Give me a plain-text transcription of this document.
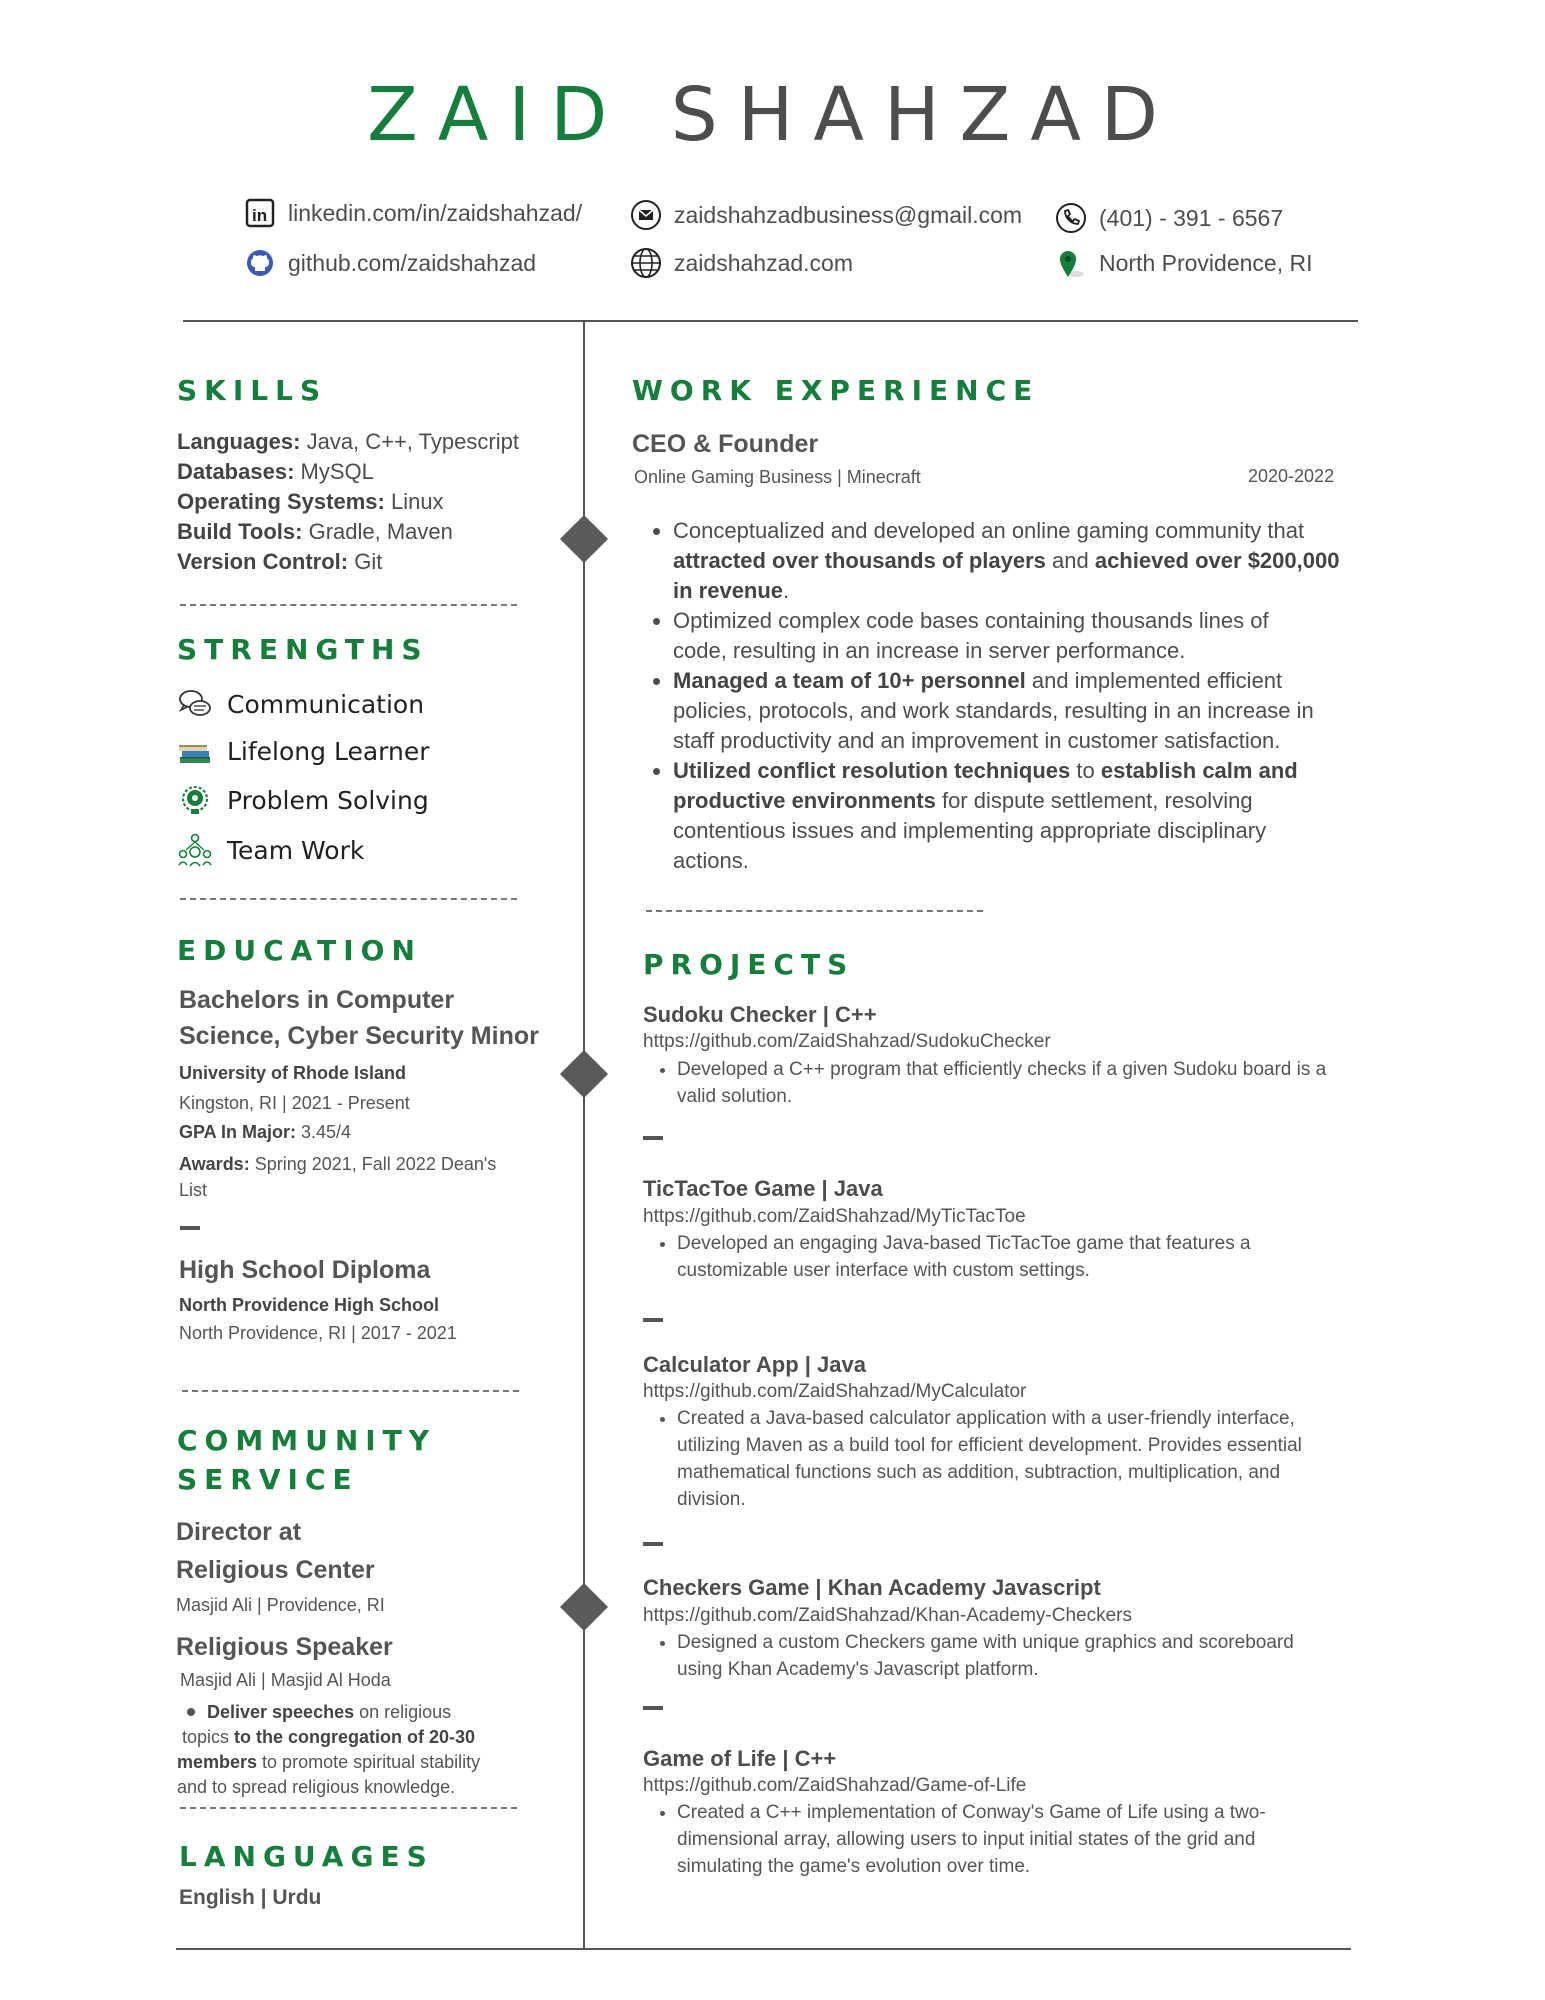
ZAID SHAHZAD
in linkedin.com/in/zaidshahzad/
github.com/zaidshahzad
zaidshahzadbusiness@gmail.com
zaidshahzad.com
(401) - 391 - 6567
North Providence, RI
SKILLS
Languages: Java, C++, Typescript
Databases: MySQL
Operating Systems: Linux
Build Tools: Gradle, Maven
Version Control: Git
STRENGTHS
Communication
Lifelong Learner
Problem Solving
Team Work
EDUCATION
Bachelors in Computer
Science, Cyber Security Minor
University of Rhode Island
Kingston, RI | 2021 - Present
GPA In Major: 3.45/4
Awards: Spring 2021, Fall 2022 Dean's
List
High School Diploma
North Providence High School
North Providence, RI | 2017 - 2021
COMMUNITY
SERVICE
Director at
Religious Center
Masjid Ali | Providence, RI
Religious Speaker
Masjid Ali | Masjid Al Hoda
Deliver speeches on religious
topics to the congregation of 20-30
members to promote spiritual stability
and to spread religious knowledge.
LANGUAGES
English | Urdu
WORK EXPERIENCE
CEO & Founder
Online Gaming Business | Minecraft	2020-2022
• Conceptualized and developed an online gaming community that
attracted over thousands of players and achieved over $200,000
in revenue.
• Optimized complex code bases containing thousands lines of
code, resulting in an increase in server performance.
• Managed a team of 10+ personnel and implemented efficient
policies, protocols, and work standards, resulting in an increase in
staff productivity and an improvement in customer satisfaction.
• Utilized conflict resolution techniques to establish calm and
productive environments for dispute settlement, resolving
contentious issues and implementing appropriate disciplinary
actions.
PROJECTS
Sudoku Checker | C++
https://github.com/ZaidShahzad/SudokuChecker
• Developed a C++ program that efficiently checks if a given Sudoku board is a
valid solution.
TicTacToe Game | Java
https://github.com/ZaidShahzad/MyTicTacToe
• Developed an engaging Java-based TicTacToe game that features a
customizable user interface with custom settings.
Calculator App | Java
https://github.com/ZaidShahzad/MyCalculator
• Created a Java-based calculator application with a user-friendly interface,
utilizing Maven as a build tool for efficient development. Provides essential
mathematical functions such as addition, subtraction, multiplication, and
division.
Checkers Game | Khan Academy Javascript
https://github.com/ZaidShahzad/Khan-Academy-Checkers
• Designed a custom Checkers game with unique graphics and scoreboard
using Khan Academy's Javascript platform.
Game of Life | C++
https://github.com/ZaidShahzad/Game-of-Life
• Created a C++ implementation of Conway's Game of Life using a two-
dimensional array, allowing users to input initial states of the grid and
simulating the game's evolution over time.
